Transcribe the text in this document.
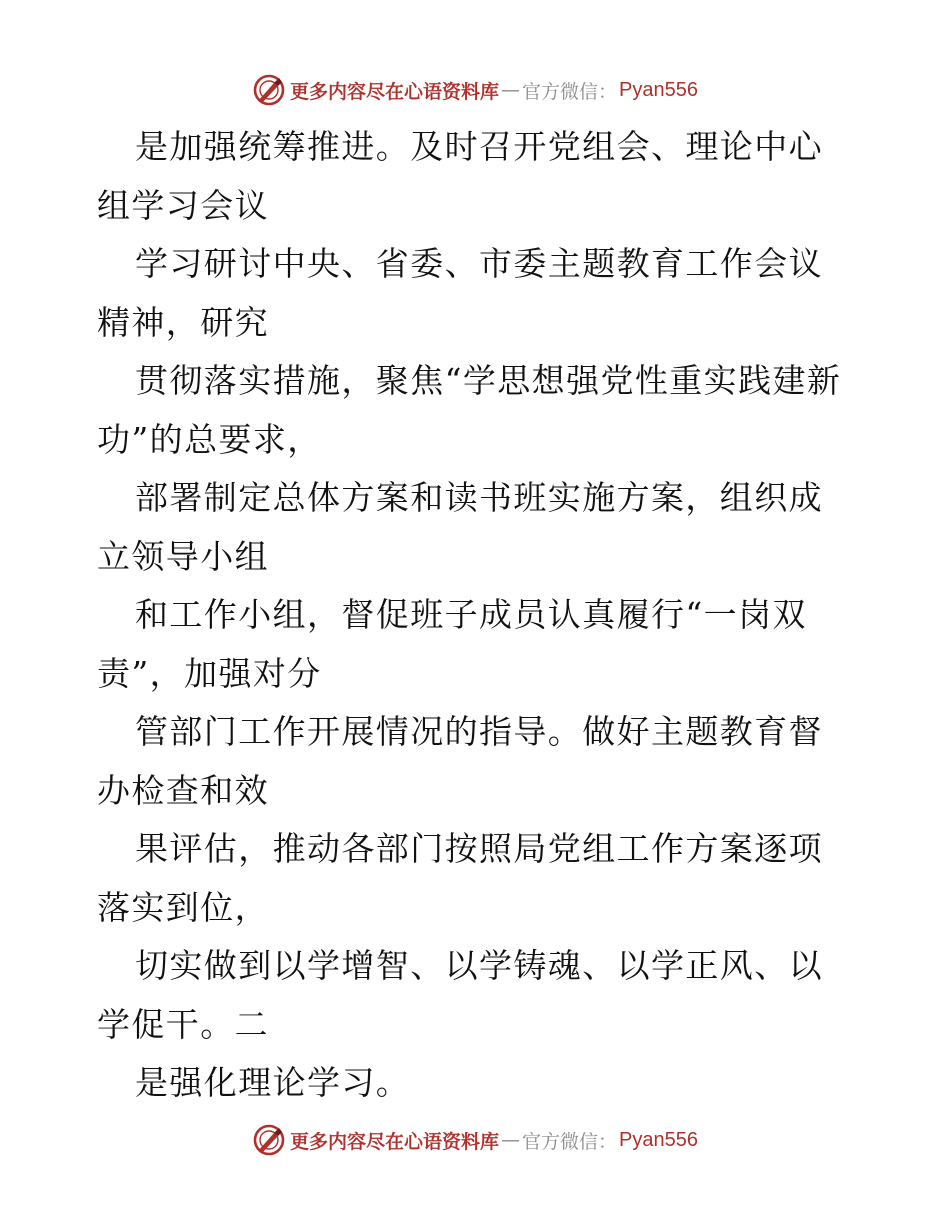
更多内容尽在心语资料库 — 官方微信： Pyan556

是加强统筹推进。及时召开党组会、理论中心组学习会议

学习研讨中央、省委、市委主题教育工作会议精神，研究

贯彻落实措施，聚焦“学思想强党性重实践建新功”的总要求，

部署制定总体方案和读书班实施方案，组织成立领导小组

和工作小组，督促班子成员认真履行“一岗双责”，加强对分

管部门工作开展情况的指导。做好主题教育督办检查和效

果评估，推动各部门按照局党组工作方案逐项落实到位，

切实做到以学增智、以学铸魂、以学正风、以学促干。二

是强化理论学习。

更多内容尽在心语资料库 — 官方微信： Pyan556
